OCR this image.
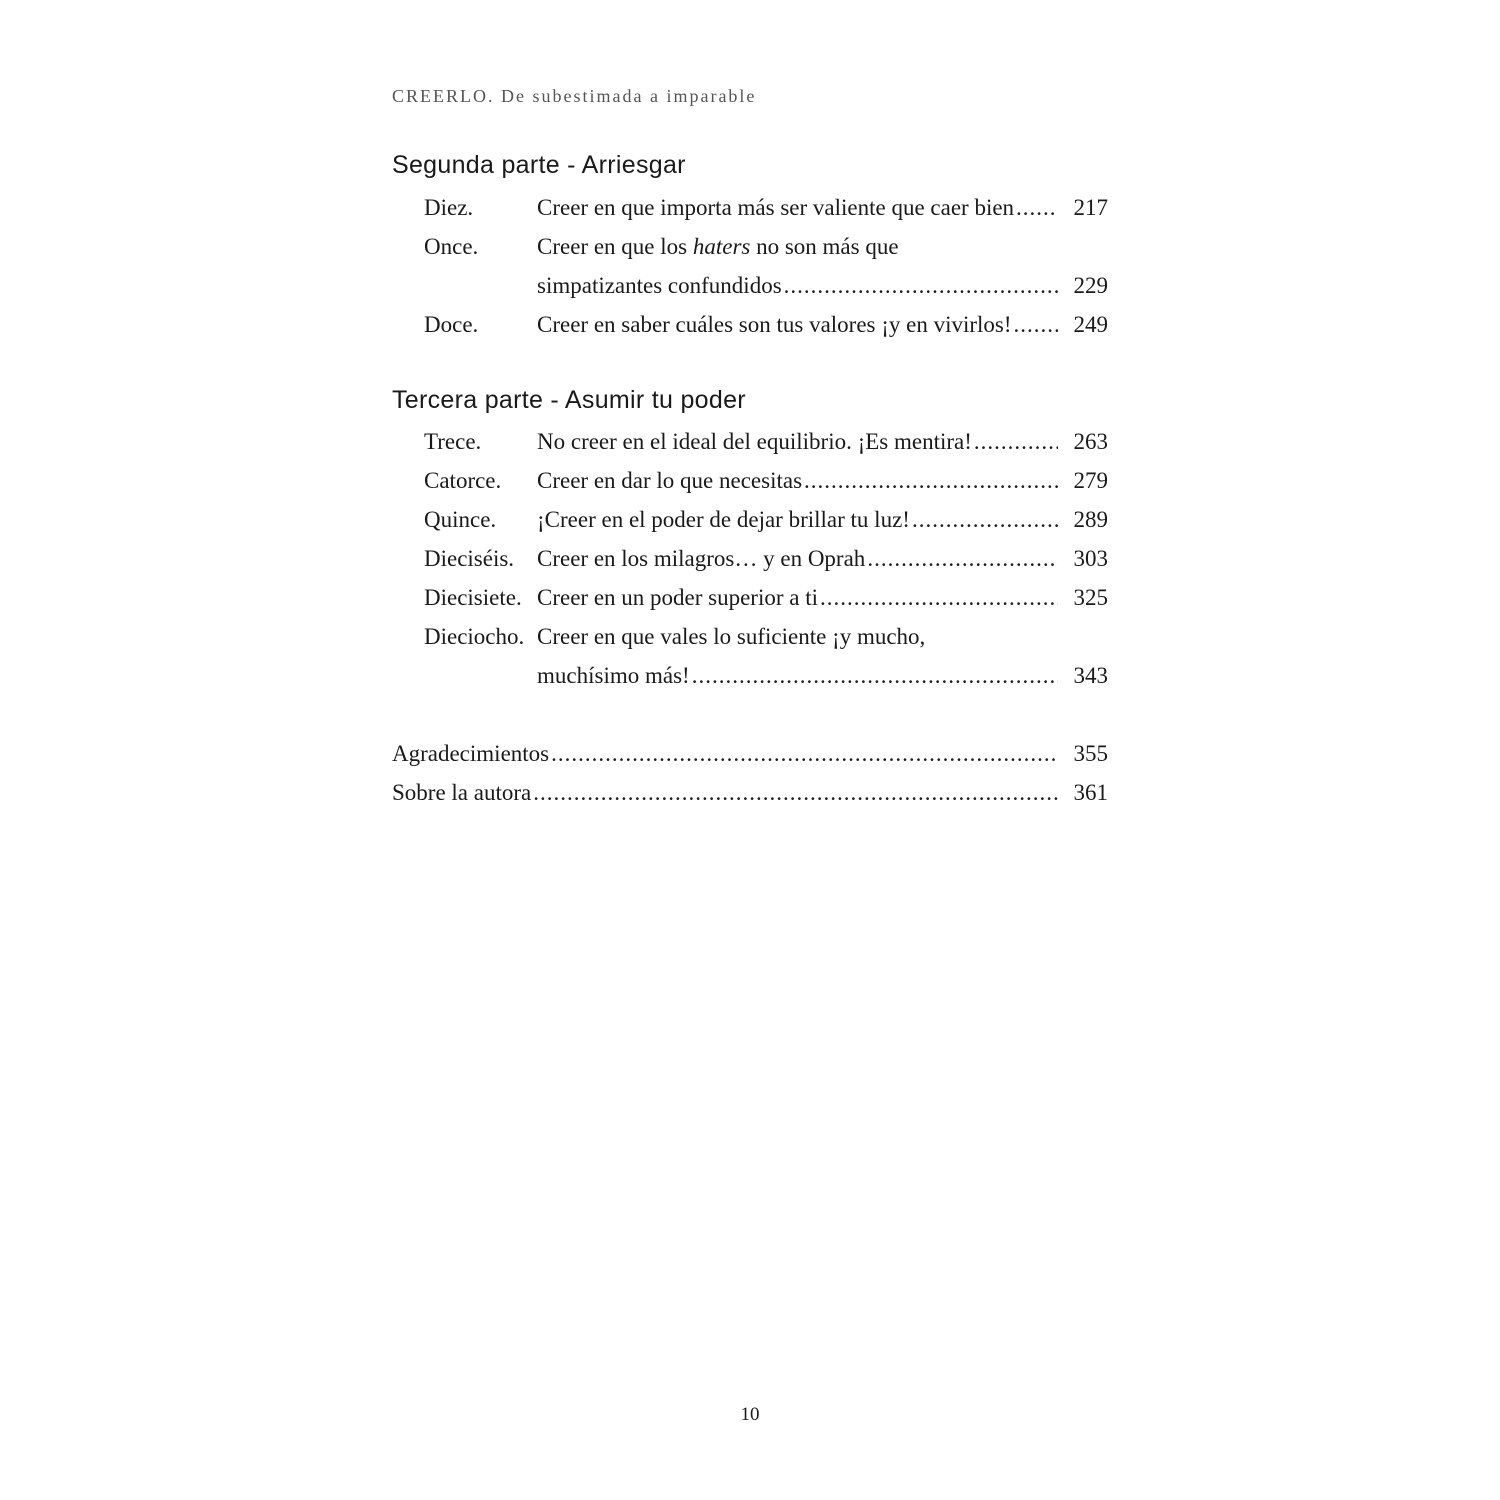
CREERLO. De subestimada a imparable
Segunda parte - Arriesgar
Diez.	Creer en que importa más ser valiente que caer bien .....	217
Once.	Creer en que los haters no son más que
simpatizantes confundidos .....	229
Doce.	Creer en saber cuáles son tus valores ¡y en vivirlos! .....	249
Tercera parte - Asumir tu poder
Trece. No creer en el ideal del equilibrio. ¡Es mentira! .....	263
Catorce. Creer en dar lo que necesitas .....	279
Quince. ¡Creer en el poder de dejar brillar tu luz! .....	289
Dieciséis. Creer en los milagros… y en Oprah .....	303
Diecisiete. Creer en un poder superior a ti .....	325
Dieciocho. Creer en que vales lo suficiente ¡y mucho,
muchísimo más! .....	343
Agradecimientos .....	355
Sobre la autora .....	361
10
